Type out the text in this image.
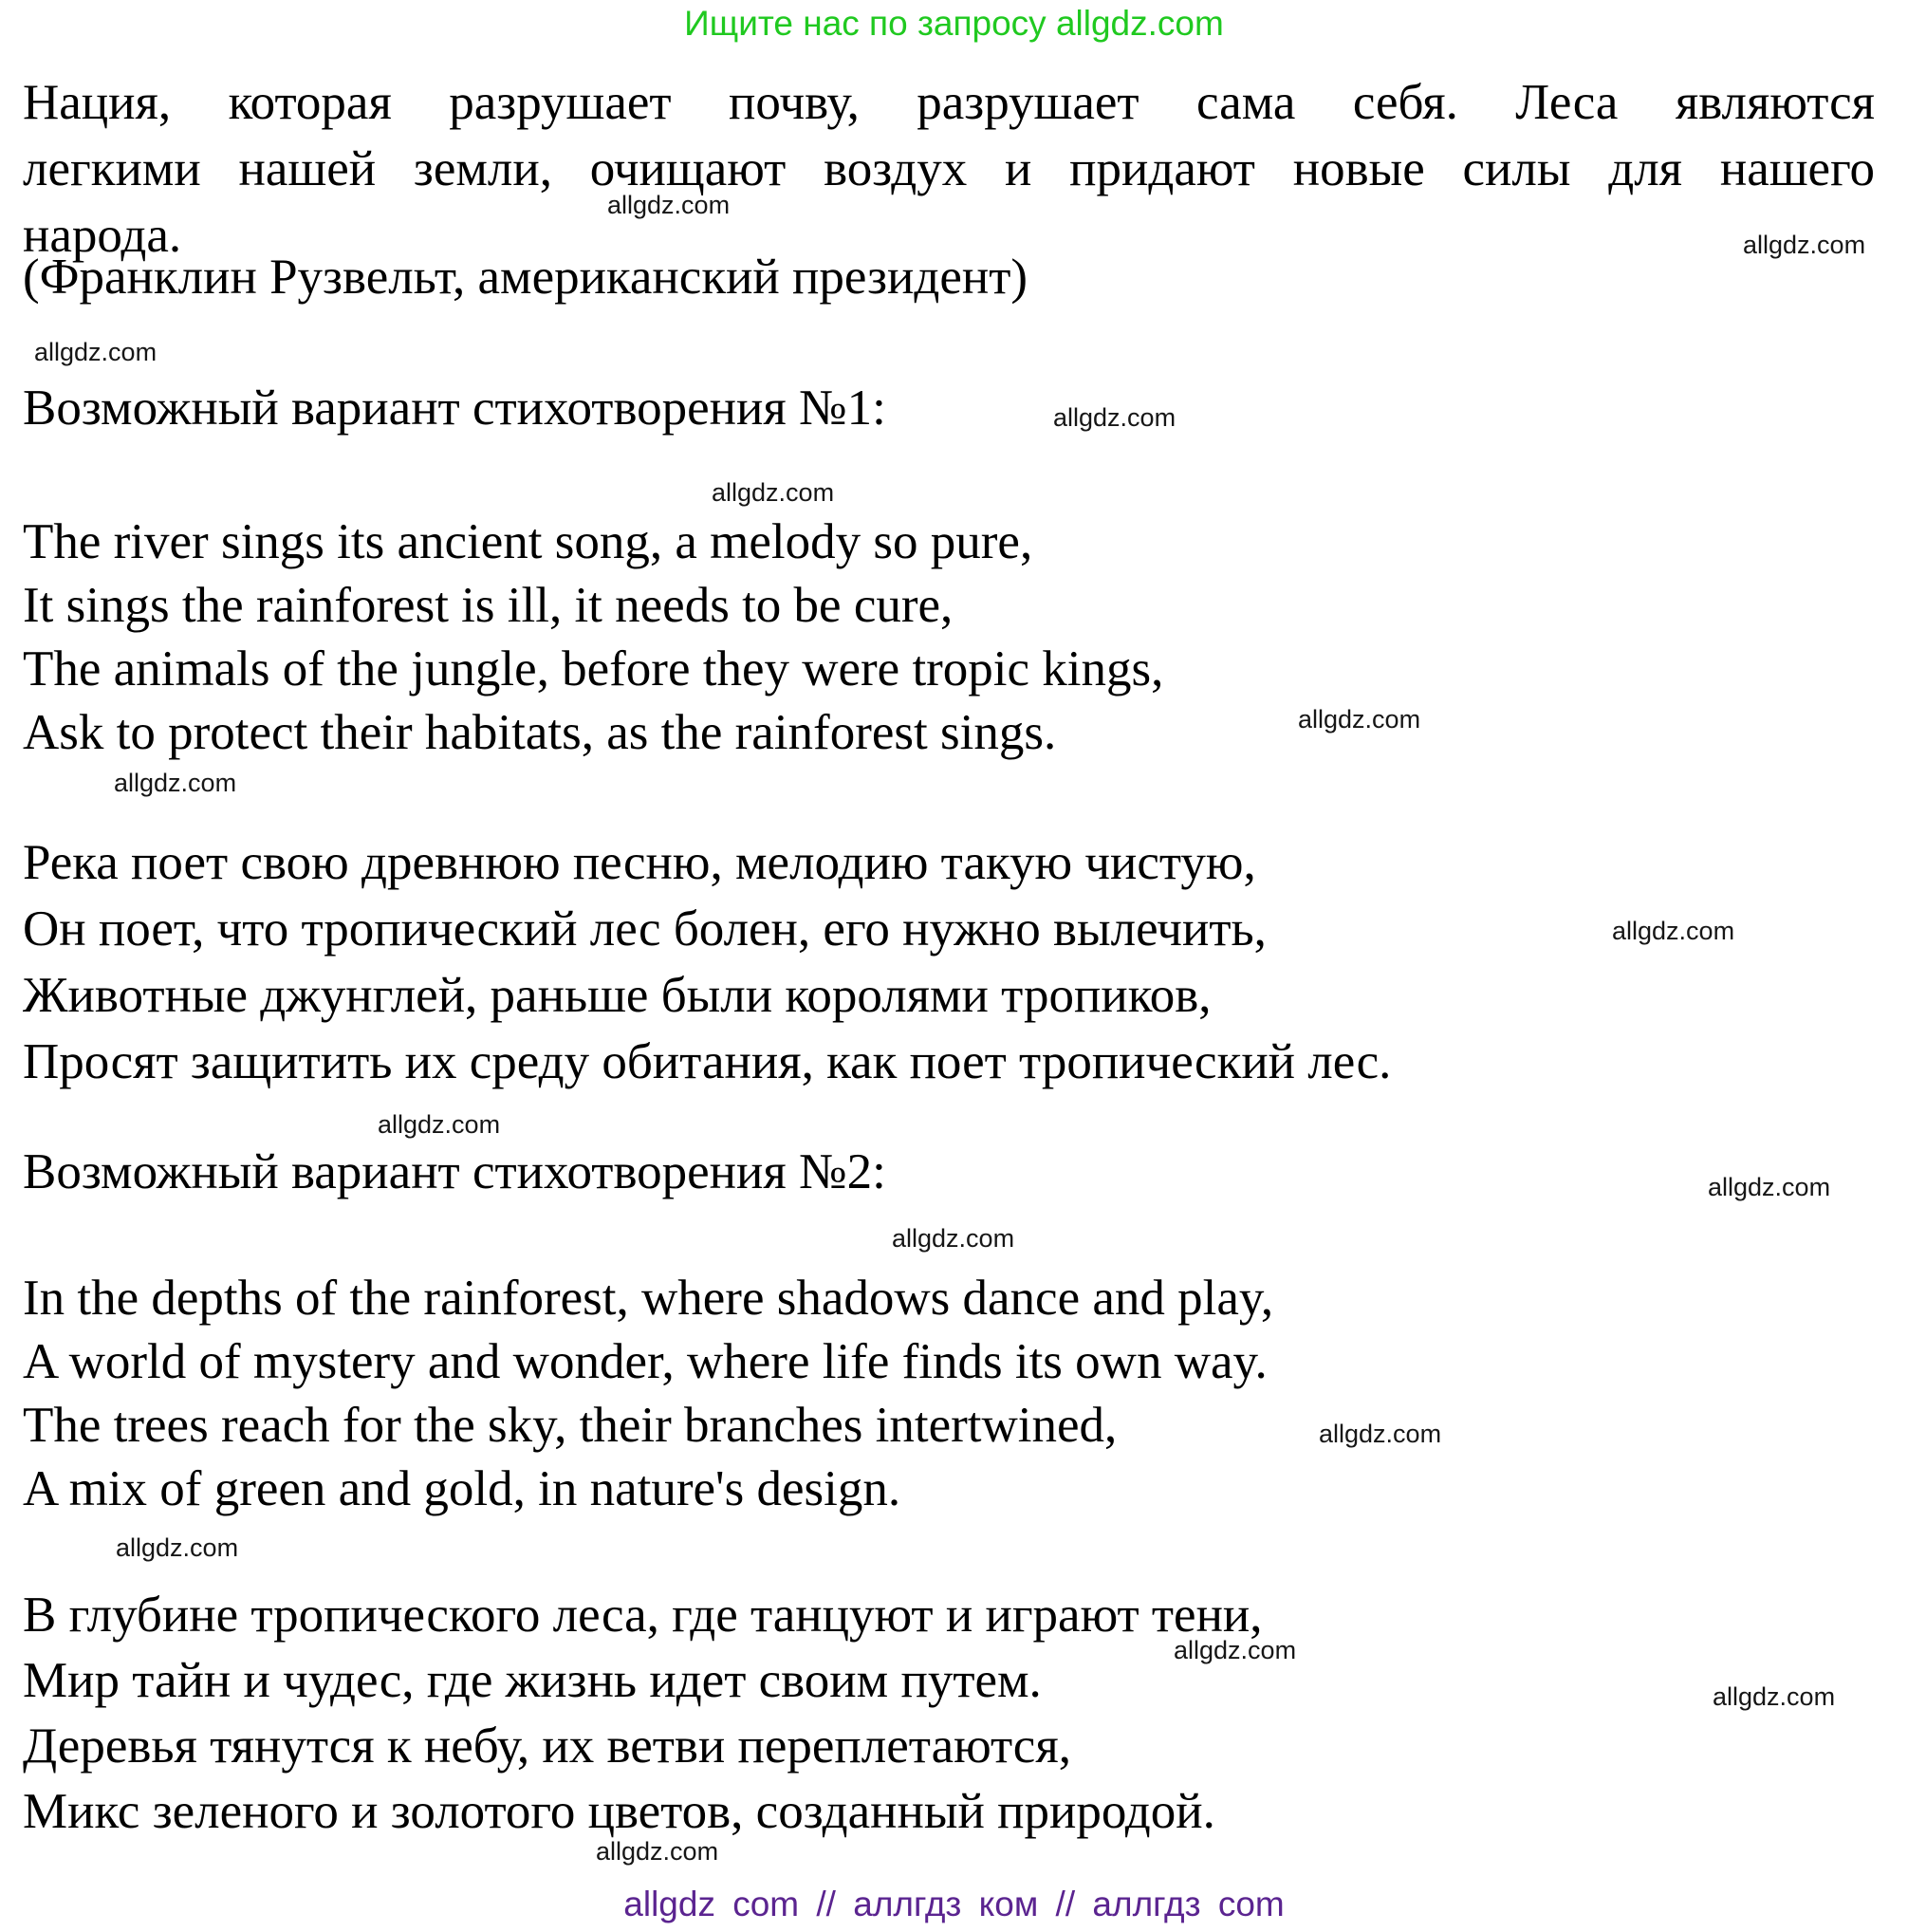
Ищите нас по запросу allgdz.com
Нация, которая разрушает почву, разрушает сама себя. Леса являются
легкими нашей земли, очищают воздух и придают новые силы для нашего
народа.
(Франклин Рузвельт, американский президент)
Возможный вариант стихотворения №1:
The river sings its ancient song, a melody so pure,
It sings the rainforest is ill, it needs to be cure,
The animals of the jungle, before they were tropic kings,
Ask to protect their habitats, as the rainforest sings.
Река поет свою древнюю песню, мелодию такую чистую,
Он поет, что тропический лес болен, его нужно вылечить,
Животные джунглей, раньше были королями тропиков,
Просят защитить их среду обитания, как поет тропический лес.
Возможный вариант стихотворения №2:
In the depths of the rainforest, where shadows dance and play,
A world of mystery and wonder, where life finds its own way.
The trees reach for the sky, their branches intertwined,
A mix of green and gold, in nature's design.
В глубине тропического леса, где танцуют и играют тени,
Мир тайн и чудес, где жизнь идет своим путем.
Деревья тянутся к небу, их ветви переплетаются,
Микс зеленого и золотого цветов, созданный природой.
allgdz.com
allgdz.com
allgdz.com
allgdz.com
allgdz.com
allgdz.com
allgdz.com
allgdz.com
allgdz.com
allgdz.com
allgdz.com
allgdz.com
allgdz.com
allgdz.com
allgdz.com
allgdz.com
allgdz com // аллгдз ком // аллгдз com
